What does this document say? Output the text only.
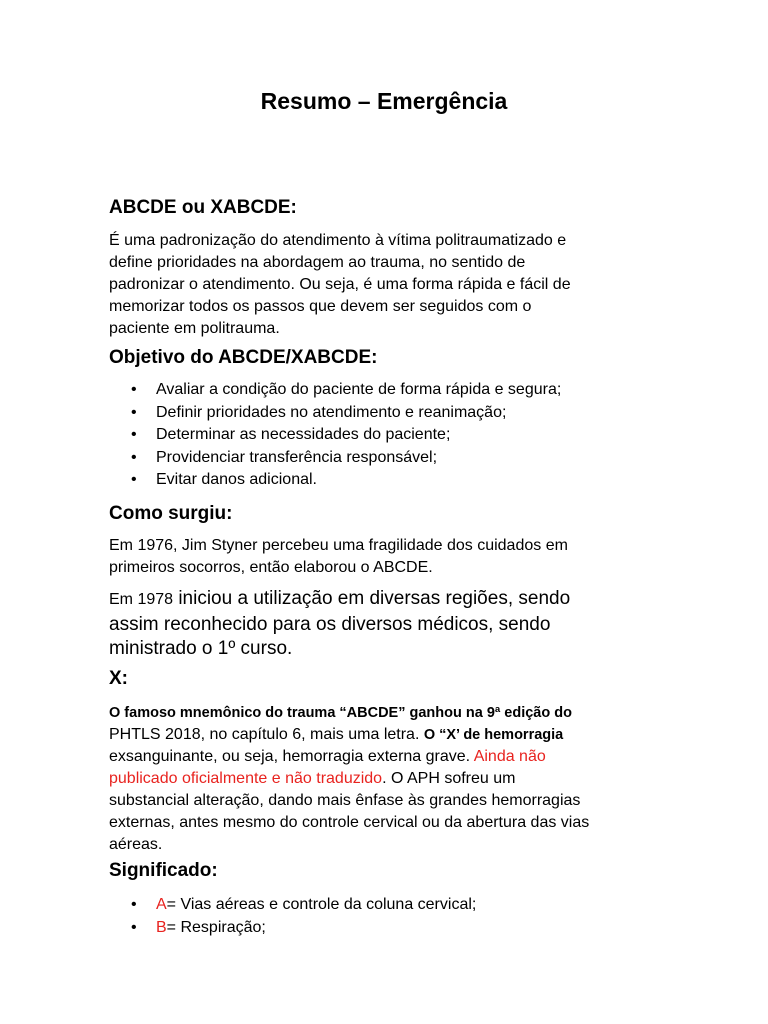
Resumo – Emergência
ABCDE ou XABCDE:
É uma padronização do atendimento à vítima politraumatizado e
define prioridades na abordagem ao trauma, no sentido de
padronizar o atendimento. Ou seja, é uma forma rápida e fácil de
memorizar todos os passos que devem ser seguidos com o
paciente em politrauma.
Objetivo do ABCDE/XABCDE:
• Avaliar a condição do paciente de forma rápida e segura;
• Definir prioridades no atendimento e reanimação;
• Determinar as necessidades do paciente;
• Providenciar transferência responsável;
• Evitar danos adicional.
Como surgiu:
Em 1976, Jim Styner percebeu uma fragilidade dos cuidados em
primeiros socorros, então elaborou o ABCDE.
Em 1978 iniciou a utilização em diversas regiões, sendo
assim reconhecido para os diversos médicos, sendo
ministrado o 1º curso.
X:
O famoso mnemônico do trauma “ABCDE” ganhou na 9ª edição do
PHTLS 2018, no capítulo 6, mais uma letra. O “X’ de hemorragia
exsanguinante, ou seja, hemorragia externa grave. Ainda não
publicado oficialmente e não traduzido. O APH sofreu um
substancial alteração, dando mais ênfase às grandes hemorragias
externas, antes mesmo do controle cervical ou da abertura das vias
aéreas.
Significado:
• A= Vias aéreas e controle da coluna cervical;
• B= Respiração;
